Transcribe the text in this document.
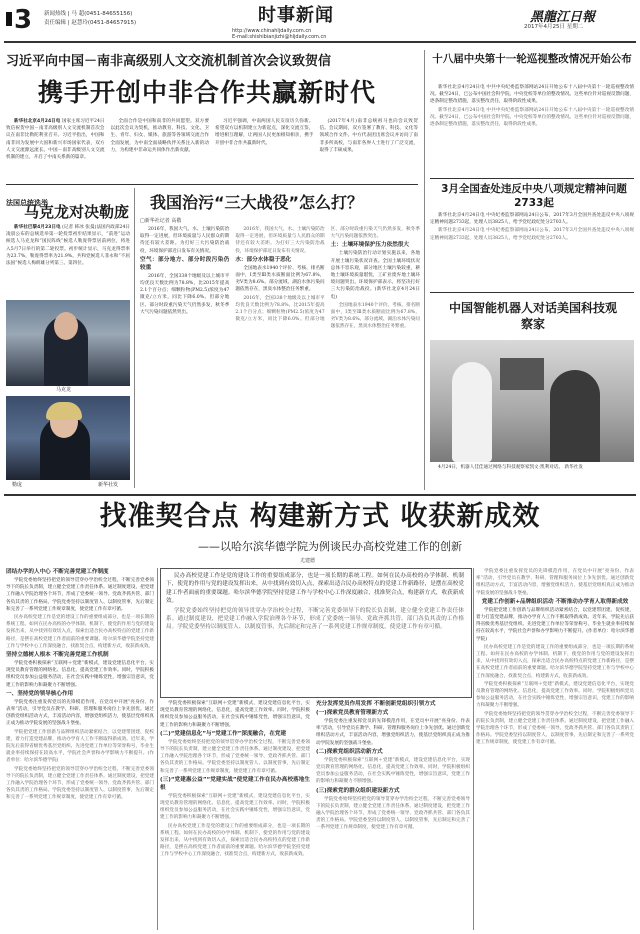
3 新闻热线 | 马 超(0451-84655156)
责任编辑 | 赵慧玲(0451-84657915)	时事新闻
http://www.chinahljdaily.com.cn
E-mail:shishibianjizhi@hljdaily.com.cn
黑龍江日報
2017年4月25日 星期二
习近平向中国－南非高级别人文交流机制首次会议致贺信
携手开创中非合作共赢新时代

新华社北京4月24日电 国家主席习近平24日致信祝贺中国－南非高级别人文交流机制首次会议在南非比勒陀利亚召开。习近平指出，中国和南非同为发展中大国和新兴市场国家代表，双方人文交流源远流长。中国－南非高级别人文交流机制的建立，开启了中南关系新的篇章。

全面合作是中国和南非的共同愿望。双方要以此次会议为契机，推动教育、科技、文化、卫生、青年、妇女、媒体、旅游等各领域交流合作全面发展，为中南全面战略伙伴关系注入新的动力，为构建中非命运共同体作出新贡献。

习近平强调，中南两国人民友谊历久弥新。希望双方以机制建立为新起点，深化交流互鉴，增进相互理解，让两国人民更加相知相亲，携手开创中非合作共赢新时代。

(2017年4月)南非总统祖马也向会议致贺信。会议期间，双方签署了教育、科技、文化等领域合作文件。中方代表团出席会议并访问了南非多所高校，与南非各界人士进行了广泛交流，取得了丰硕成果。

法国总统选举
马克龙对决勒庞

新华社巴黎4月23日电 (记者 韩冰 张曼)法国内政部24日凌晨公布的总统选举第一轮投票初步结果显示，“前进”运动候选人马克龙和“国民阵线”候选人勒庞得票居前两位，将进入5月7日举行的第二轮投票。初步统计显示，马克龙得票率为23.7%，勒庞得票率为21.9%。共和党候选人菲永和“不屈法国”候选人梅朗雄分列第三、第四位。

马克龙
勒庞	新华社发
我国治污“三大战役”怎么打？
□新华社记者 高敬

2016年，我国大气、水、土壤污染防治取得一定进展，但环境质量与人民群众的期待还有较大差距。为打好三大污染防治战役，环境保护部近日发布有关情况。

空气：部分地方、部分时段污染仍较重

2016年，全国338个地级及以上城市平均优良天数比例为78.8%，比2015年提高2.1个百分点；细颗粒物(PM2.5)浓度为47微克/立方米，同比下降6.0%。但部分地区、部分时段重污染天气仍然多发，秋冬季大气污染问题依然突出。

2016年，我国大气、水、土壤污染防治取得一定进展，但环境质量与人民群众的期待还有较大差距。为打好三大污染防治战役，环境保护部近日发布有关情况。

水：部分水体稳于恶化

全国地表水1940个评价、考核、排名断面中，Ⅰ类至Ⅲ类水质断面比例为67.8%，劣Ⅴ类为8.6%。部分流域、湖泊水体污染问题依然存在，黑臭水体整治任务繁重。

2016年，全国338个地级及以上城市平均优良天数比例为78.8%，比2015年提高2.1个百分点；细颗粒物(PM2.5)浓度为47微克/立方米，同比下降6.0%。但部分地区、部分时段重污染天气仍然多发，秋冬季大气污染问题依然突出。

土：土壤环境保护压力依然很大

土壤污染防治行动计划实施以来，各地开展土壤污染状况详查。全国土壤环境状况总体不容乐观，部分地区土壤污染较重，耕地土壤环境质量堪忧，工矿业废弃地土壤环境问题突出。环境保护部表示，将坚决打好三大污染防治战役。(新华社北京4月24日电)

全国地表水1940个评价、考核、排名断面中，Ⅰ类至Ⅲ类水质断面比例为67.8%，劣Ⅴ类为8.6%。部分流域、湖泊水体污染问题依然存在，黑臭水体整治任务繁重。

十八届中央第十一轮巡视整改情况开始公布

新华社北京4月24日电 中共中央纪委监察部网站24日开始公布十八届中央第十一轮巡视整改情况。截至24日，已公布中国社会科学院、中央党校等单位的整改情况。这些单位针对巡视反馈问题，逐条制定整改措施，落实整改责任，取得阶段性成果。

新华社北京4月24日电 中共中央纪委监察部网站24日开始公布十八届中央第十一轮巡视整改情况。截至24日，已公布中国社会科学院、中央党校等单位的整改情况。这些单位针对巡视反馈问题，逐条制定整改措施，落实整改责任，取得阶段性成果。

3月全国查处违反中央八项规定精神问题2733起

新华社北京4月24日电 中央纪委监察部网站24日公布，2017年3月全国共查处违反中央八项规定精神问题2733起，处理人员3825人，给予党纪政纪处分2703人。

新华社北京4月24日电 中央纪委监察部网站24日公布，2017年3月全国共查处违反中央八项规定精神问题2733起，处理人员3825人，给予党纪政纪处分2703人。

中国智能机器人对话美国科技观察家

4月24日，机器人佳佳通过网络与科技观察家凯文·凯利对话。 新华社发

找准契合点 构建新方式 收获新成效
——以哈尔滨华德学院为例谈民办高校党建工作的创新
尤建德

民办高校党建工作是党的建设工作的重要组成部分，也是一项长期的系统工程。如何在民办高校的办学体制、机制下，使党的作用与党的建设发挥出来，从中找到有效切入点，探索出适合民办高校特点的党建工作新路径，是摆在高校党建工作者面前的重要课题。哈尔滨华德学院坚持党建工作与学校中心工作深度融合，找准契合点，构建新方式，收获新成效。

学院党委始终坚持把党的领导贯穿办学治校全过程，不断完善党委领导下的院长负责制，建立健全党建工作责任体系。通过制度建设，把党建工作融入学院治理各个环节，形成了党委统一领导、党政齐抓共管、部门各负其责的工作格局。学院党委坚持以制度管人、以制度管事，先后制定和完善了一系列党建工作规章制度，使党建工作有章可循。

团结办学的人中心 不断完善党建工作制度

学院党委始终坚持把党的领导贯穿办学治校全过程，不断完善党委领导下的院长负责制，建立健全党建工作责任体系。通过制度建设，把党建工作融入学院治理各个环节，形成了党委统一领导、党政齐抓共管、部门各负其责的工作格局。学院党委坚持以制度管人、以制度管事，先后制定和完善了一系列党建工作规章制度，使党建工作有章可循。

民办高校党建工作是党的建设工作的重要组成部分，也是一项长期的系统工程。如何在民办高校的办学体制、机制下，使党的作用与党的建设发挥出来，从中找到有效切入点，探索出适合民办高校特点的党建工作新路径，是摆在高校党建工作者面前的重要课题。哈尔滨华德学院坚持党建工作与学校中心工作深度融合，找准契合点，构建新方式，收获新成效。

坚持立德树人根本 不断完善党建工作机制

学院党委积极探索“互联网＋党建”新模式，建设党建信息化平台，实现党员教育管理的网络化、信息化，提高党建工作效率。同时，学院积极组织党员参加公益服务活动，在社会实践中锤炼党性，增强宗旨意识，党建工作的影响力和凝聚力不断增强。

一、坚持党的领导核心作用

学院党委注重发挥党员的先锋模范作用，在党员中开展“亮身份、作表率”活动，引导党员在教学、科研、管理和服务岗位上争先创优。通过创新党组织活动方式，丰富活动内容，增强党组织活力，使基层党组织真正成为推动学院发展的坚强战斗堡垒。

学院把党建工作创新与品牌组织活动紧密结合，以党建带团建、促校建，着力打造党建品牌，推动办学育人工作不断取得新成效。近年来，学院先后获得省级优秀基层党组织、先进党建工作单位等荣誉称号，毕业生就业率持续保持在较高水平，学院社会声誉和办学影响力不断提升。(作者单位：哈尔滨华德学院)

学院党委始终坚持把党的领导贯穿办学治校全过程，不断完善党委领导下的院长负责制，建立健全党建工作责任体系。通过制度建设，把党建工作融入学院治理各个环节，形成了党委统一领导、党政齐抓共管、部门各负其责的工作格局。学院党委坚持以制度管人、以制度管事，先后制定和完善了一系列党建工作规章制度，使党建工作有章可循。

学院党委积极探索“互联网＋党建”新模式，建设党建信息化平台，实现党员教育管理的网络化、信息化，提高党建工作效率。同时，学院积极组织党员参加公益服务活动，在社会实践中锤炼党性，增强宗旨意识，党建工作的影响力和凝聚力不断增强。

(二)“党建信息化”与“党建工作”深度融合，在党建

学院党委始终坚持把党的领导贯穿办学治校全过程，不断完善党委领导下的院长负责制，建立健全党建工作责任体系。通过制度建设，把党建工作融入学院治理各个环节，形成了党委统一领导、党政齐抓共管、部门各负其责的工作格局。学院党委坚持以制度管人、以制度管事，先后制定和完善了一系列党建工作规章制度，使党建工作有章可循。

(三)“党建惠公益”“党建实战”使党建工作在民办高校落地生根

学院党委积极探索“互联网＋党建”新模式，建设党建信息化平台，实现党员教育管理的网络化、信息化，提高党建工作效率。同时，学院积极组织党员参加公益服务活动，在社会实践中锤炼党性，增强宗旨意识，党建工作的影响力和凝聚力不断增强。

民办高校党建工作是党的建设工作的重要组成部分，也是一项长期的系统工程。如何在民办高校的办学体制、机制下，使党的作用与党的建设发挥出来，从中找到有效切入点，探索出适合民办高校特点的党建工作新路径，是摆在高校党建工作者面前的重要课题。哈尔滨华德学院坚持党建工作与学校中心工作深度融合，找准契合点，构建新方式，收获新成效。

充分发挥党员作用发挥 不断创新党组织引领方式

(一)探索党员教育管理新方式

学院党委注重发挥党员的先锋模范作用，在党员中开展“亮身份、作表率”活动，引导党员在教学、科研、管理和服务岗位上争先创优。通过创新党组织活动方式，丰富活动内容，增强党组织活力，使基层党组织真正成为推动学院发展的坚强战斗堡垒。

(二)探索党组织活动新方式

学院党委积极探索“互联网＋党建”新模式，建设党建信息化平台，实现党员教育管理的网络化、信息化，提高党建工作效率。同时，学院积极组织党员参加公益服务活动，在社会实践中锤炼党性，增强宗旨意识，党建工作的影响力和凝聚力不断增强。

(三)探索党的群众组织建设新方式

学院党委始终坚持把党的领导贯穿办学治校全过程，不断完善党委领导下的院长负责制，建立健全党建工作责任体系。通过制度建设，把党建工作融入学院治理各个环节，形成了党委统一领导、党政齐抓共管、部门各负其责的工作格局。学院党委坚持以制度管人、以制度管事，先后制定和完善了一系列党建工作规章制度，使党建工作有章可循。

学院党委注重发挥党员的先锋模范作用，在党员中开展“亮身份、作表率”活动，引导党员在教学、科研、管理和服务岗位上争先创优。通过创新党组织活动方式，丰富活动内容，增强党组织活力，使基层党组织真正成为推动学院发展的坚强战斗堡垒。

党建工作创新+品牌组织活动 不断推动办学育人取得新成效

学院把党建工作创新与品牌组织活动紧密结合，以党建带团建、促校建，着力打造党建品牌，推动办学育人工作不断取得新成效。近年来，学院先后获得省级优秀基层党组织、先进党建工作单位等荣誉称号，毕业生就业率持续保持在较高水平，学院社会声誉和办学影响力不断提升。(作者单位：哈尔滨华德学院)

民办高校党建工作是党的建设工作的重要组成部分，也是一项长期的系统工程。如何在民办高校的办学体制、机制下，使党的作用与党的建设发挥出来，从中找到有效切入点，探索出适合民办高校特点的党建工作新路径，是摆在高校党建工作者面前的重要课题。哈尔滨华德学院坚持党建工作与学校中心工作深度融合，找准契合点，构建新方式，收获新成效。

学院党委积极探索“互联网＋党建”新模式，建设党建信息化平台，实现党员教育管理的网络化、信息化，提高党建工作效率。同时，学院积极组织党员参加公益服务活动，在社会实践中锤炼党性，增强宗旨意识，党建工作的影响力和凝聚力不断增强。

学院党委始终坚持把党的领导贯穿办学治校全过程，不断完善党委领导下的院长负责制，建立健全党建工作责任体系。通过制度建设，把党建工作融入学院治理各个环节，形成了党委统一领导、党政齐抓共管、部门各负其责的工作格局。学院党委坚持以制度管人、以制度管事，先后制定和完善了一系列党建工作规章制度，使党建工作有章可循。
